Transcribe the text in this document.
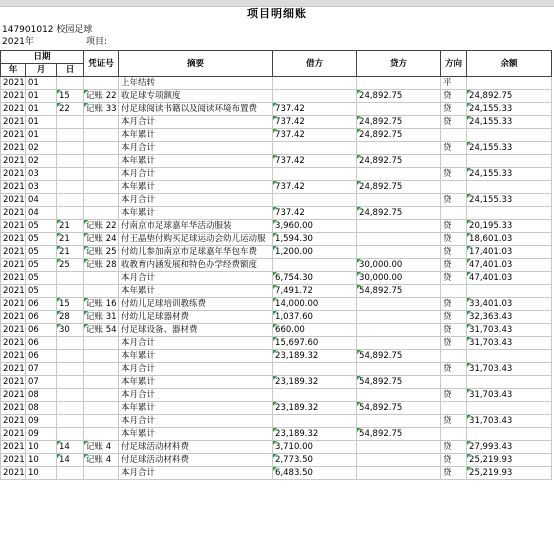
项目明细账
147901012 校园足球
2021年	项目:
日期			凭证号	摘要	借方	贷方	方向	余额
年	月	日						
2021	01			上年结转			平	
2021	01	15	记账 22	收足球专项额度		24,892.75	贷	24,892.75
2021	01	22	记账 33	付足球阅读书籍以及阅读环境布置费	737.42		贷	24,155.33
2021	01			本月合计	737.42	24,892.75	贷	24,155.33
2021	01			本年累计	737.42	24,892.75		
2021	02			本月合计			贷	24,155.33
2021	02			本年累计	737.42	24,892.75		
2021	03			本月合计			贷	24,155.33
2021	03			本年累计	737.42	24,892.75		
2021	04			本月合计			贷	24,155.33
2021	04			本年累计	737.42	24,892.75		
2021	05	21	记账 22	付南京市足球嘉年华活动服装	3,960.00		贷	20,195.33
2021	05	21	记账 24	付王晶垫付购买足球运动会幼儿运动服	1,594.30		贷	18,601.03
2021	05	21	记账 25	付幼儿参加南京市足球嘉年华包车费	1,200.00		贷	17,401.03
2021	05	25	记账 28	收教育内涵发展和特色办学经费额度		30,000.00	贷	47,401.03
2021	05			本月合计	6,754.30	30,000.00	贷	47,401.03
2021	05			本年累计	7,491.72	54,892.75		
2021	06	15	记账 16	付幼儿足球培训教练费	14,000.00		贷	33,401.03
2021	06	28	记账 31	付幼儿足球器材费	1,037.60		贷	32,363.43
2021	06	30	记账 54	付足球设备、器材费	660.00		贷	31,703.43
2021	06			本月合计	15,697.60		贷	31,703.43
2021	06			本年累计	23,189.32	54,892.75		
2021	07			本月合计			贷	31,703.43
2021	07			本年累计	23,189.32	54,892.75		
2021	08			本月合计			贷	31,703.43
2021	08			本年累计	23,189.32	54,892.75		
2021	09			本月合计			贷	31,703.43
2021	09			本年累计	23,189.32	54,892.75		
2021	10	14	记账 4	付足球活动材料费	3,710.00		贷	27,993.43
2021	10	14	记账 4	付足球活动材料费	2,773.50		贷	25,219.93
2021	10			本月合计	6,483.50		贷	25,219.93
